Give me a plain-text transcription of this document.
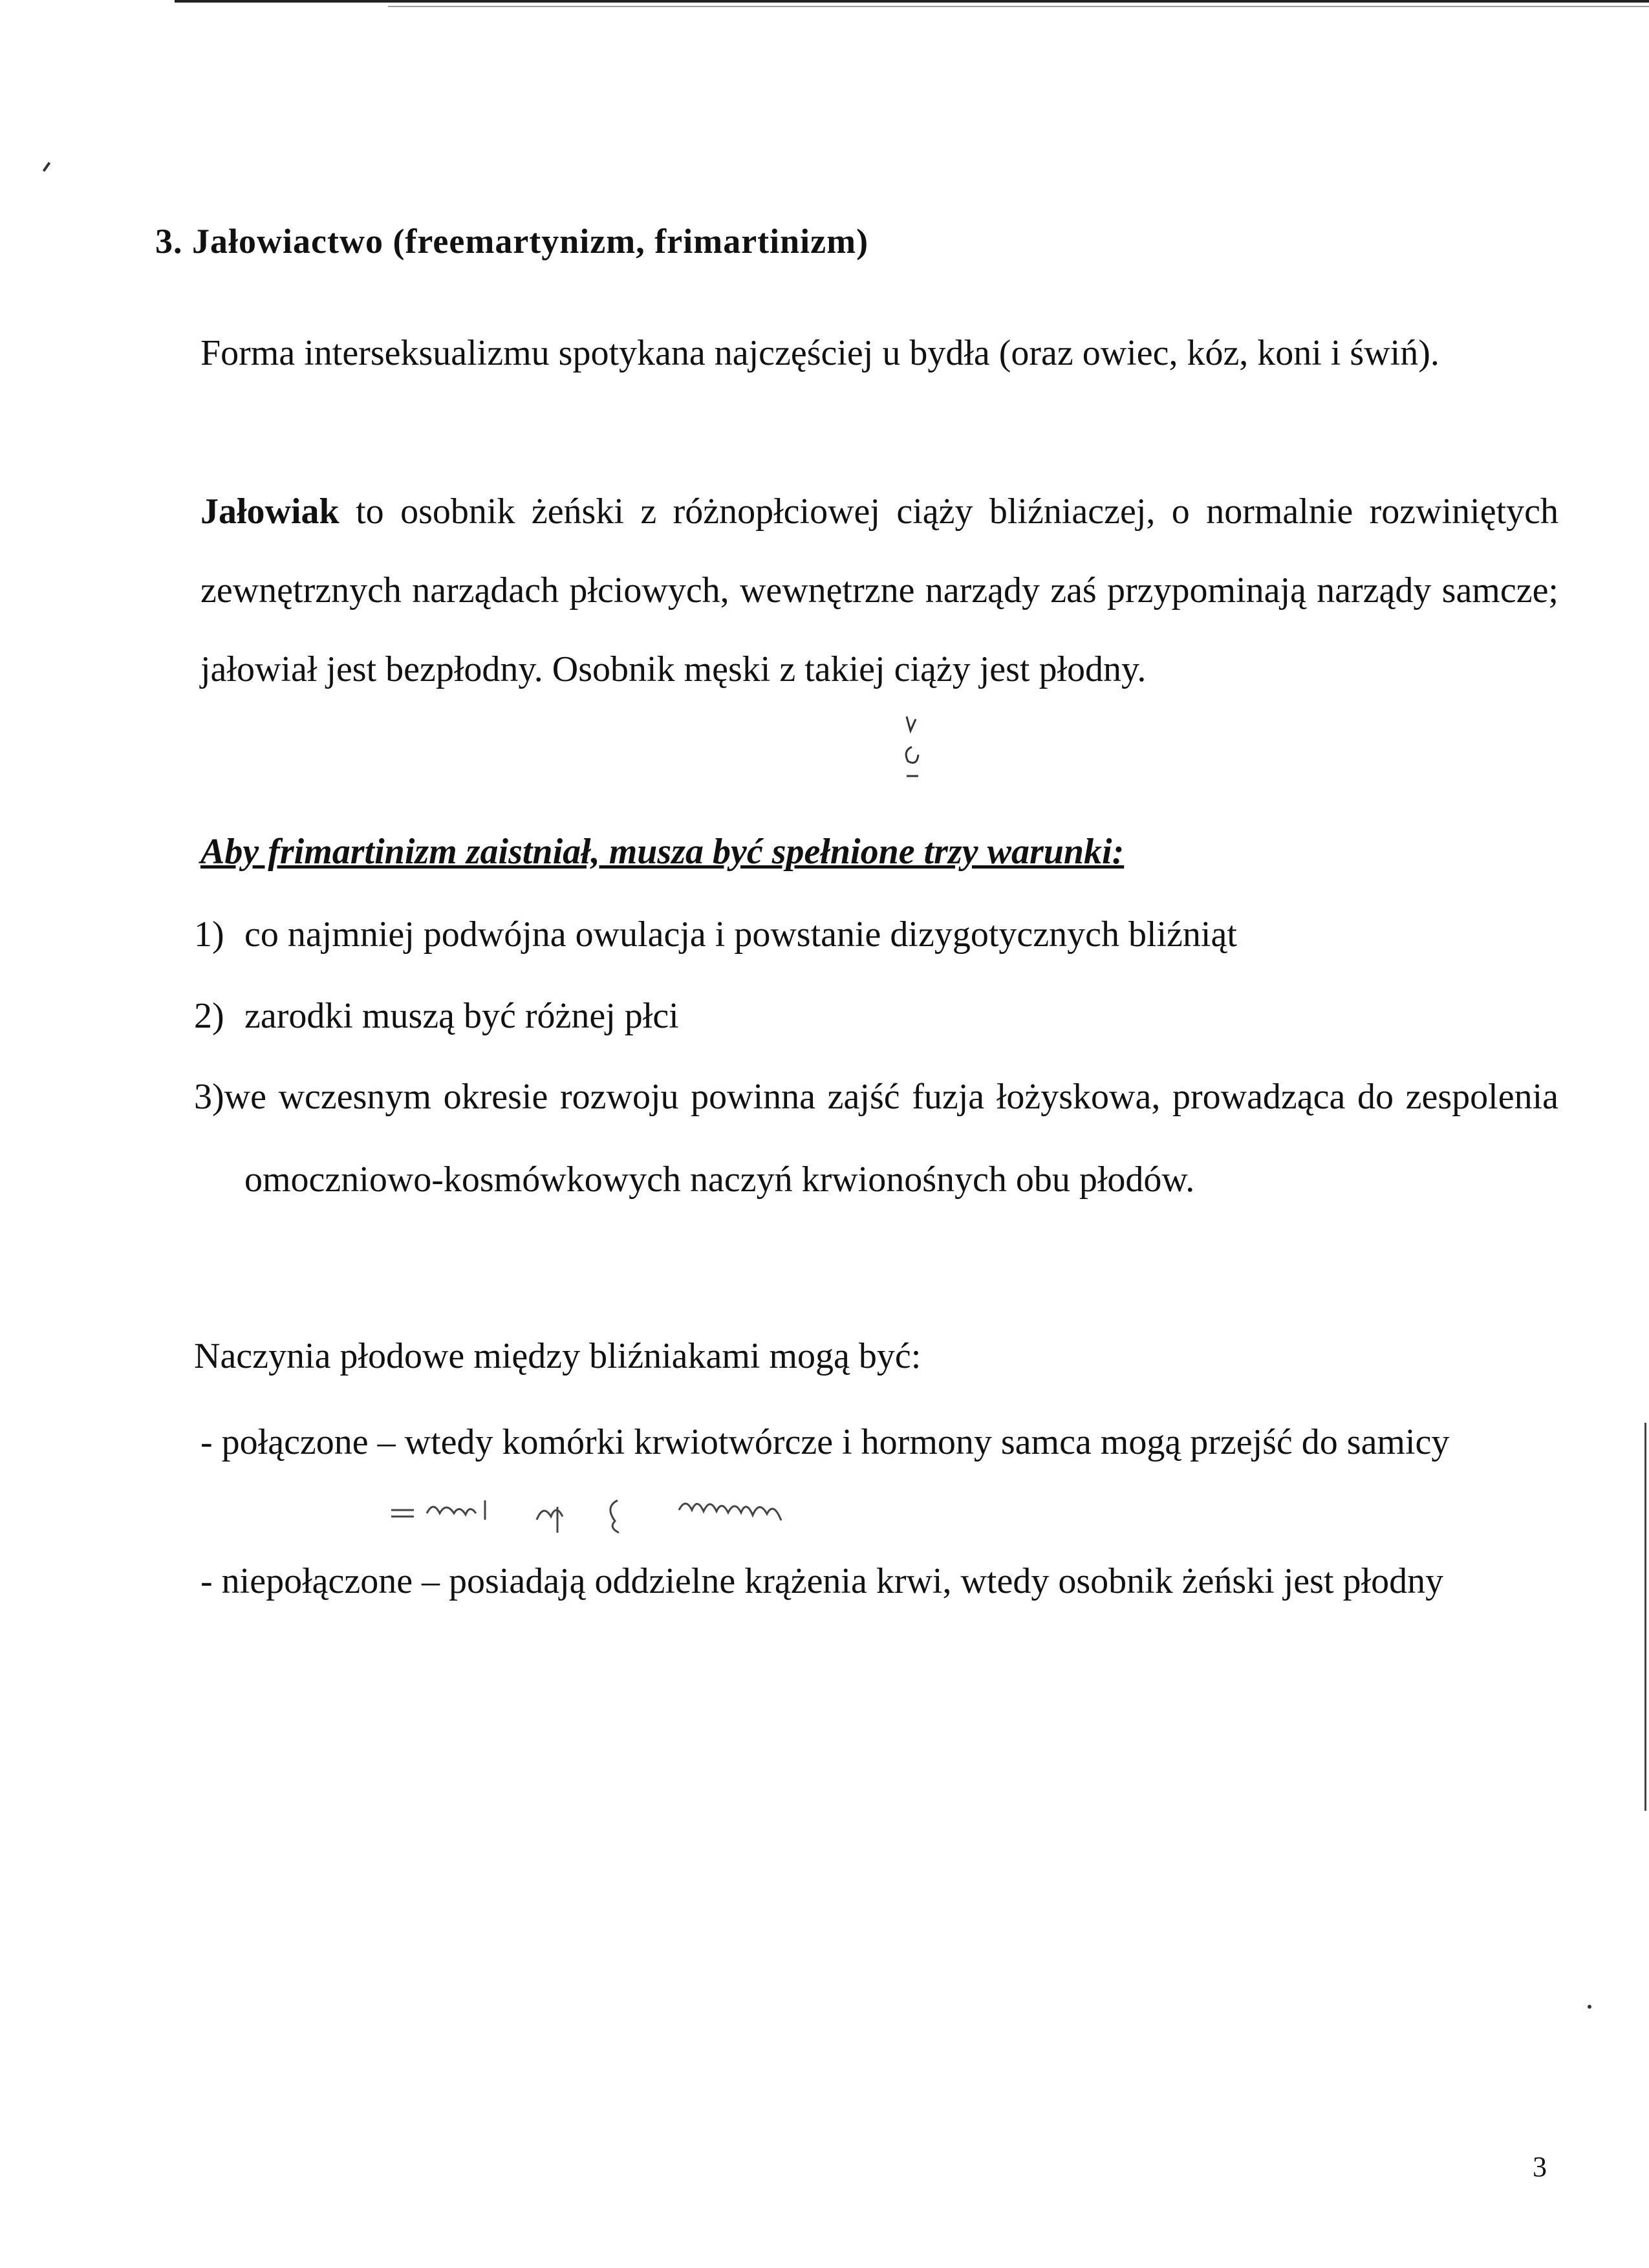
3. Jałowiactwo (freemartynizm, frimartinizm)

Forma interseksualizmu spotykana najczęściej u bydła (oraz owiec, kóz, koni i świń).

Jałowiak to osobnik żeński z różnopłciowej ciąży bliźniaczej, o normalnie rozwiniętych zewnętrznych narządach płciowych, wewnętrzne narządy zaś przypominają narządy samcze; jałowiał jest bezpłodny. Osobnik męski z takiej ciąży jest płodny.

Aby frimartinizm zaistniał, musza być spełnione trzy warunki:
1) co najmniej podwójna owulacja i powstanie dizygotycznych bliźniąt
2) zarodki muszą być różnej płci
3)we wczesnym okresie rozwoju powinna zajść fuzja łożyskowa, prowadząca do zespolenia omoczniowo-kosmówkowych naczyń krwionośnych obu płodów.

Naczynia płodowe między bliźniakami mogą być:

- połączone – wtedy komórki krwiotwórcze i hormony samca mogą przejść do samicy

- niepołączone – posiadają oddzielne krążenia krwi, wtedy osobnik żeński jest płodny

3
